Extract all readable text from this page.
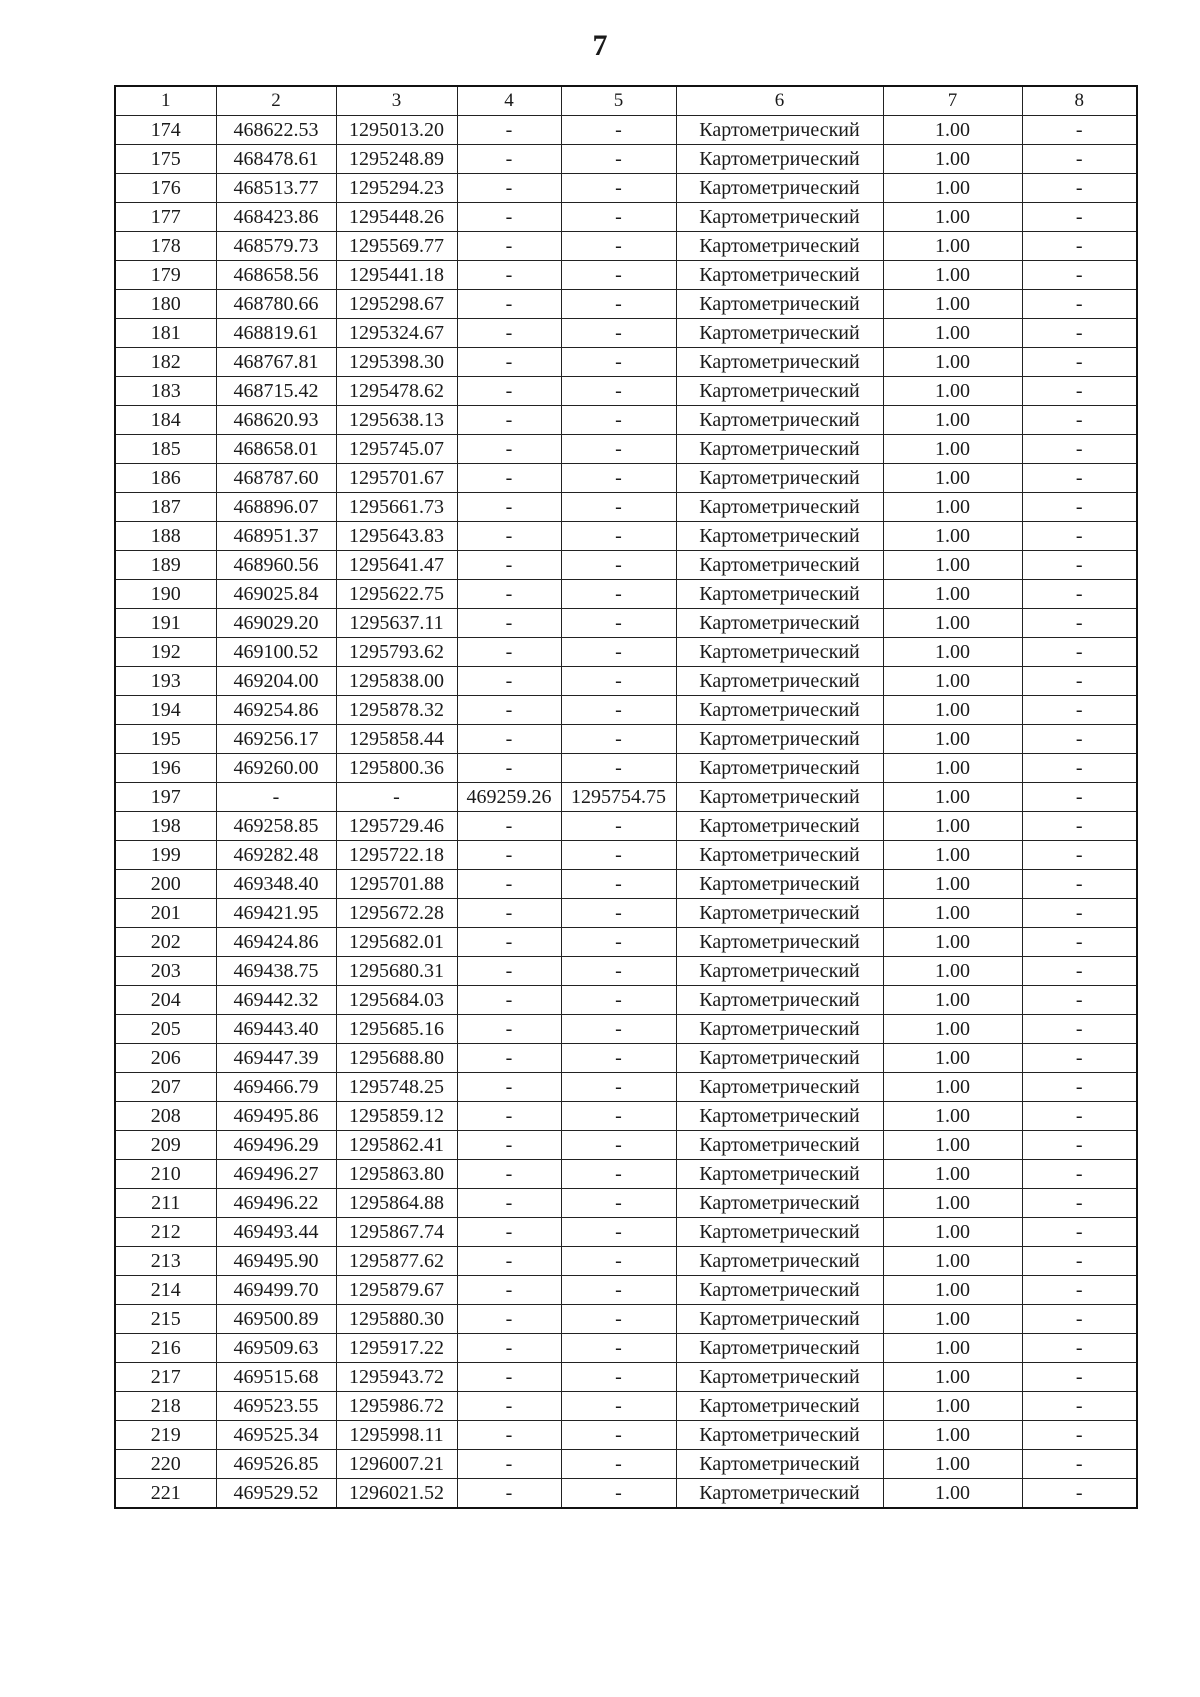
7
1	2	3	4	5	6	7	8
174	468622.53	1295013.20	-	-	Картометрический	1.00	-
175	468478.61	1295248.89	-	-	Картометрический	1.00	-
176	468513.77	1295294.23	-	-	Картометрический	1.00	-
177	468423.86	1295448.26	-	-	Картометрический	1.00	-
178	468579.73	1295569.77	-	-	Картометрический	1.00	-
179	468658.56	1295441.18	-	-	Картометрический	1.00	-
180	468780.66	1295298.67	-	-	Картометрический	1.00	-
181	468819.61	1295324.67	-	-	Картометрический	1.00	-
182	468767.81	1295398.30	-	-	Картометрический	1.00	-
183	468715.42	1295478.62	-	-	Картометрический	1.00	-
184	468620.93	1295638.13	-	-	Картометрический	1.00	-
185	468658.01	1295745.07	-	-	Картометрический	1.00	-
186	468787.60	1295701.67	-	-	Картометрический	1.00	-
187	468896.07	1295661.73	-	-	Картометрический	1.00	-
188	468951.37	1295643.83	-	-	Картометрический	1.00	-
189	468960.56	1295641.47	-	-	Картометрический	1.00	-
190	469025.84	1295622.75	-	-	Картометрический	1.00	-
191	469029.20	1295637.11	-	-	Картометрический	1.00	-
192	469100.52	1295793.62	-	-	Картометрический	1.00	-
193	469204.00	1295838.00	-	-	Картометрический	1.00	-
194	469254.86	1295878.32	-	-	Картометрический	1.00	-
195	469256.17	1295858.44	-	-	Картометрический	1.00	-
196	469260.00	1295800.36	-	-	Картометрический	1.00	-
197	-	-	469259.26	1295754.75	Картометрический	1.00	-
198	469258.85	1295729.46	-	-	Картометрический	1.00	-
199	469282.48	1295722.18	-	-	Картометрический	1.00	-
200	469348.40	1295701.88	-	-	Картометрический	1.00	-
201	469421.95	1295672.28	-	-	Картометрический	1.00	-
202	469424.86	1295682.01	-	-	Картометрический	1.00	-
203	469438.75	1295680.31	-	-	Картометрический	1.00	-
204	469442.32	1295684.03	-	-	Картометрический	1.00	-
205	469443.40	1295685.16	-	-	Картометрический	1.00	-
206	469447.39	1295688.80	-	-	Картометрический	1.00	-
207	469466.79	1295748.25	-	-	Картометрический	1.00	-
208	469495.86	1295859.12	-	-	Картометрический	1.00	-
209	469496.29	1295862.41	-	-	Картометрический	1.00	-
210	469496.27	1295863.80	-	-	Картометрический	1.00	-
211	469496.22	1295864.88	-	-	Картометрический	1.00	-
212	469493.44	1295867.74	-	-	Картометрический	1.00	-
213	469495.90	1295877.62	-	-	Картометрический	1.00	-
214	469499.70	1295879.67	-	-	Картометрический	1.00	-
215	469500.89	1295880.30	-	-	Картометрический	1.00	-
216	469509.63	1295917.22	-	-	Картометрический	1.00	-
217	469515.68	1295943.72	-	-	Картометрический	1.00	-
218	469523.55	1295986.72	-	-	Картометрический	1.00	-
219	469525.34	1295998.11	-	-	Картометрический	1.00	-
220	469526.85	1296007.21	-	-	Картометрический	1.00	-
221	469529.52	1296021.52	-	-	Картометрический	1.00	-
